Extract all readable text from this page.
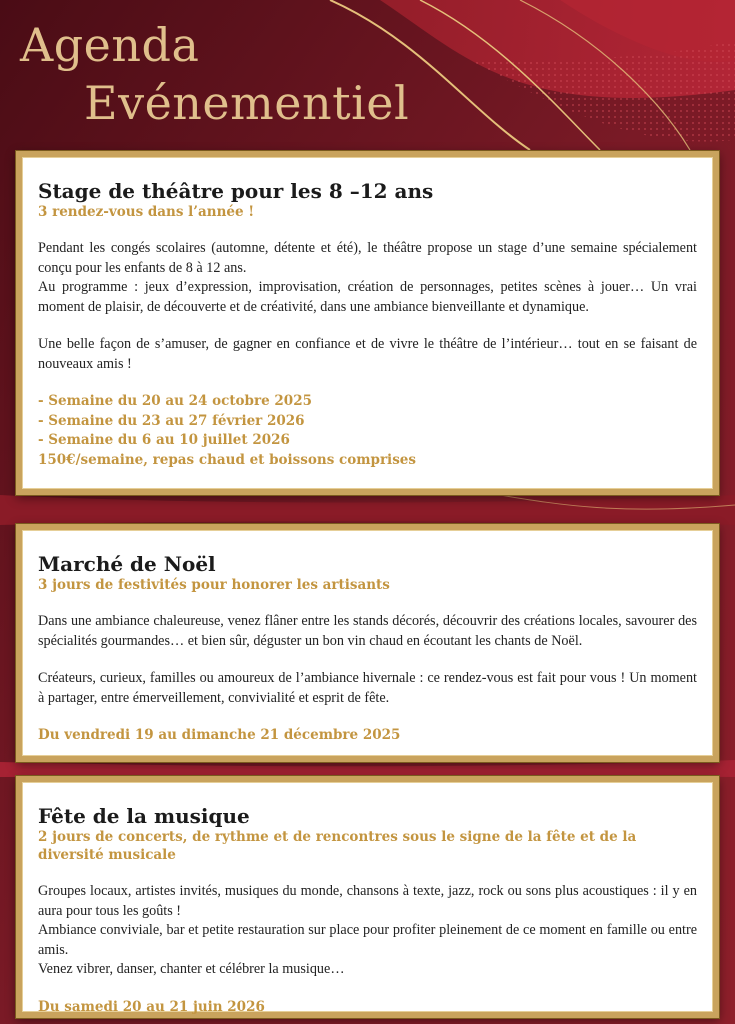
Agenda
Evénementiel
Stage de théâtre pour les 8 –12 ans
3 rendez-vous dans l’année !

Pendant les congés scolaires (automne, détente et été), le théâtre propose un stage d’une semaine spécialement conçu pour les enfants de 8 à 12 ans.

Au programme : jeux d’expression, improvisation, création de personnages, petites scènes à jouer… Un vrai moment de plaisir, de découverte et de créativité, dans une ambiance bienveillante et dynamique.

Une belle façon de s’amuser, de gagner en confiance et de vivre le théâtre de l’intérieur… tout en se faisant de nouveaux amis !

- Semaine du 20 au 24 octobre 2025
- Semaine du 23 au 27 février 2026
- Semaine du 6 au 10 juillet 2026
150€/semaine, repas chaud et boissons comprises
Marché de Noël
3 jours de festivités pour honorer les artisants

Dans une ambiance chaleureuse, venez flâner entre les stands décorés, découvrir des créations locales, savourer des spécialités gourmandes… et bien sûr, déguster un bon vin chaud en écoutant les chants de Noël.

Créateurs, curieux, familles ou amoureux de l’ambiance hivernale : ce rendez-vous est fait pour vous ! Un moment à partager, entre émerveillement, convivialité et esprit de fête.

Du vendredi 19 au dimanche 21 décembre 2025
Fête de la musique
2 jours de concerts, de rythme et de rencontres sous le signe de la fête et de la diversité musicale

Groupes locaux, artistes invités, musiques du monde, chansons à texte, jazz, rock ou sons plus acoustiques : il y en aura pour tous les goûts !

Ambiance conviviale, bar et petite restauration sur place pour profiter pleinement de ce moment en famille ou entre amis.

Venez vibrer, danser, chanter et célébrer la musique…

Du samedi 20 au 21 juin 2026
